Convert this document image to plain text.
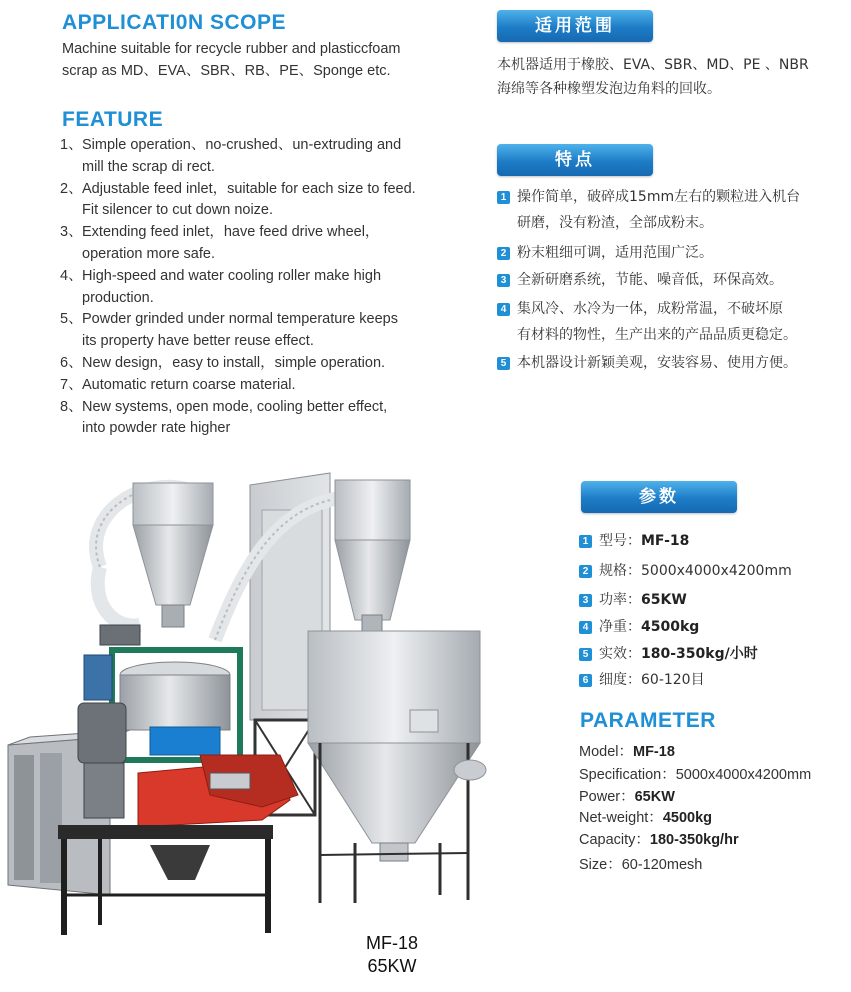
APPLICATI0N SCOPE
Machine suitable for recycle rubber and plasticcfoam
scrap as MD、EVA、SBR、RB、PE、Sponge etc.
FEATURE
1、Simple operation、no-crushed、un-extruding and
mill the scrap di rect.
2、Adjustable feed inlet，suitable for each size to feed.
Fit silencer to cut down noize.
3、Extending feed inlet，have feed drive wheel，
operation more safe.
4、High-speed and water cooling roller make high
production.
5、Powder grinded under normal temperature keeps
its property have better reuse effect.
6、New design，easy to install，simple operation.
7、Automatic return coarse material.
8、New systems, open mode, cooling better effect,
into powder rate higher
适用范围
本机器适用于橡胶、EVA、SBR、MD、PE 、NBR
海绵等各种橡塑发泡边角料的回收。
特点
1 操作简单，破碎成15mm左右的颗粒进入机台
研磨，没有粉渣，全部成粉末。
2 粉末粗细可调，适用范围广泛。
3 全新研磨系统，节能、噪音低，环保高效。
4 集风冷、水冷为一体，成粉常温，不破坏原
有材料的物性，生产出来的产品品质更稳定。
5 本机器设计新颖美观，安装容易、使用方便。
参数
1 型号：MF-18
2 规格：5000x4000x4200mm
3 功率：65KW
4 净重：4500kg
5 实效：180-350kg/小时
6 细度：60-120目
PARAMETER
Model：MF-18
Specification：5000x4000x4200mm
Power：65KW
Net-weight：4500kg
Capacity：180-350kg/hr
Size：60-120mesh
MF-18
65KW
